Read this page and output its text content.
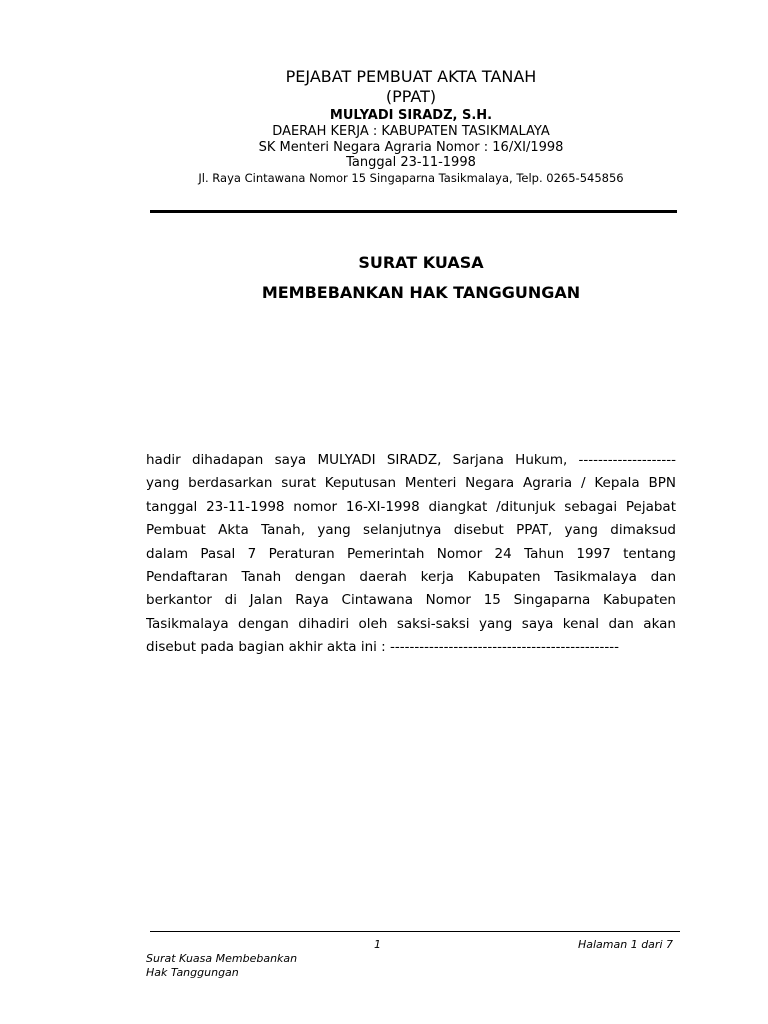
PEJABAT PEMBUAT AKTA TANAH
(PPAT)
MULYADI SIRADZ, S.H.
DAERAH KERJA : KABUPATEN TASIKMALAYA
SK Menteri Negara Agraria Nomor : 16/XI/1998
Tanggal 23-11-1998
Jl. Raya Cintawana Nomor 15 Singaparna Tasikmalaya, Telp. 0265-545856
SURAT KUASA
MEMBEBANKAN HAK TANGGUNGAN
hadir dihadapan saya MULYADI SIRADZ, Sarjana Hukum, --------------------
yang berdasarkan surat Keputusan Menteri Negara Agraria / Kepala BPN
tanggal 23-11-1998 nomor 16-XI-1998 diangkat /ditunjuk sebagai Pejabat
Pembuat Akta Tanah, yang selanjutnya disebut PPAT, yang dimaksud
dalam Pasal 7 Peraturan Pemerintah Nomor 24 Tahun 1997 tentang
Pendaftaran Tanah dengan daerah kerja Kabupaten Tasikmalaya dan
berkantor di Jalan Raya Cintawana Nomor 15 Singaparna Kabupaten
Tasikmalaya dengan dihadiri oleh saksi-saksi yang saya kenal dan akan
disebut pada bagian akhir akta ini : -----------------------------------------------
1	Halaman 1 dari 7
Surat Kuasa Membebankan
Hak Tanggungan
